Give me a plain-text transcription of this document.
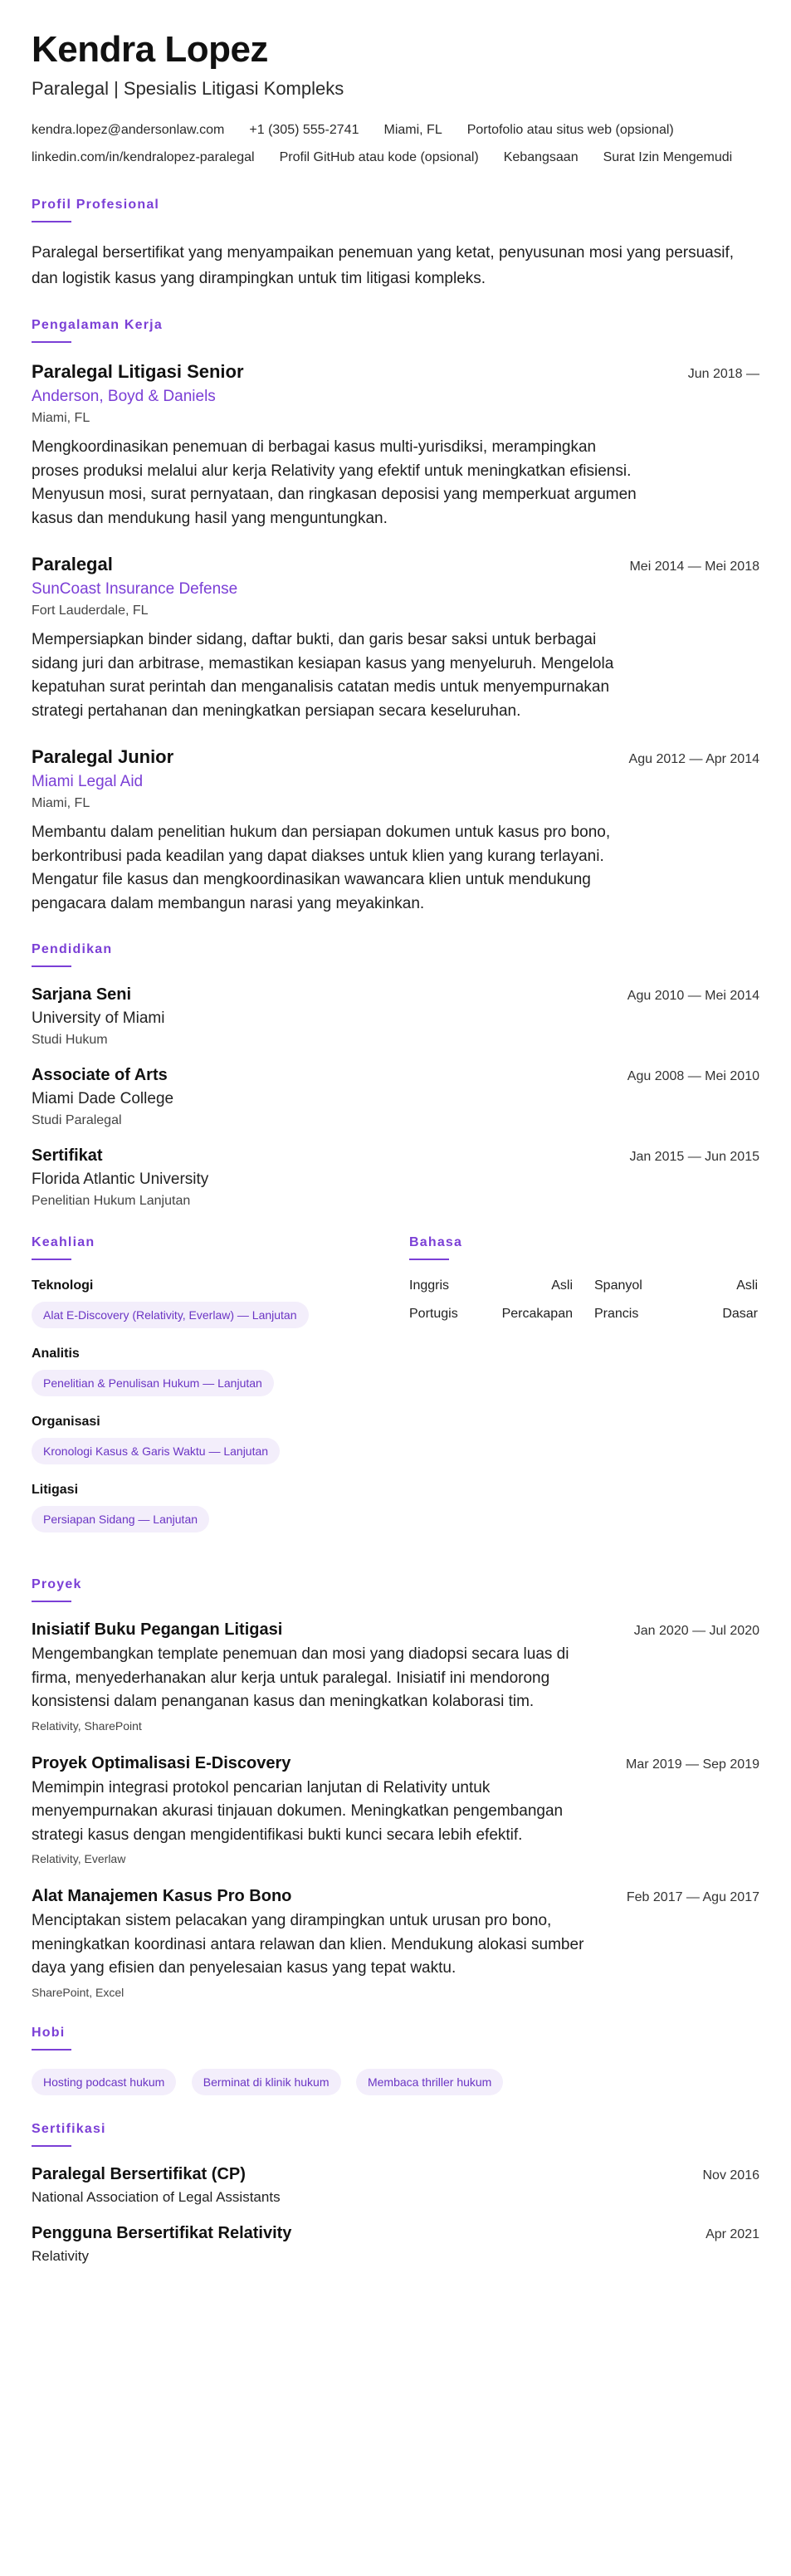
Kendra Lopez
Paralegal | Spesialis Litigasi Kompleks
kendra.lopez@andersonlaw.com +1 (305) 555-2741 Miami, FL Portofolio atau situs web (opsional)
linkedin.com/in/kendralopez-paralegal Profil GitHub atau kode (opsional) Kebangsaan Surat Izin Mengemudi
Profil Profesional

Paralegal bersertifikat yang menyampaikan penemuan yang ketat, penyusunan mosi yang persuasif, dan logistik kasus yang dirampingkan untuk tim litigasi kompleks.

Pengalaman Kerja
Paralegal Litigasi Senior	Jun 2018 —
Anderson, Boyd & Daniels
Miami, FL

Mengkoordinasikan penemuan di berbagai kasus multi-yurisdiksi, merampingkan proses produksi melalui alur kerja Relativity yang efektif untuk meningkatkan efisiensi. Menyusun mosi, surat pernyataan, dan ringkasan deposisi yang memperkuat argumen kasus dan mendukung hasil yang menguntungkan.

Paralegal	Mei 2014 — Mei 2018
SunCoast Insurance Defense
Fort Lauderdale, FL

Mempersiapkan binder sidang, daftar bukti, dan garis besar saksi untuk berbagai sidang juri dan arbitrase, memastikan kesiapan kasus yang menyeluruh. Mengelola kepatuhan surat perintah dan menganalisis catatan medis untuk menyempurnakan strategi pertahanan dan meningkatkan persiapan secara keseluruhan.

Paralegal Junior	Agu 2012 — Apr 2014
Miami Legal Aid
Miami, FL

Membantu dalam penelitian hukum dan persiapan dokumen untuk kasus pro bono, berkontribusi pada keadilan yang dapat diakses untuk klien yang kurang terlayani. Mengatur file kasus dan mengkoordinasikan wawancara klien untuk mendukung pengacara dalam membangun narasi yang meyakinkan.

Pendidikan
Sarjana Seni	Agu 2010 — Mei 2014
University of Miami
Studi Hukum
Associate of Arts	Agu 2008 — Mei 2010
Miami Dade College
Studi Paralegal
Sertifikat	Jan 2015 — Jun 2015
Florida Atlantic University
Penelitian Hukum Lanjutan
Keahlian
Teknologi
Alat E-Discovery (Relativity, Everlaw) — Lanjutan
Analitis
Penelitian & Penulisan Hukum — Lanjutan
Organisasi
Kronologi Kasus & Garis Waktu — Lanjutan
Litigasi
Persiapan Sidang — Lanjutan
Bahasa
Inggris	Asli Spanyol	Asli
Portugis	Percakapan Prancis	Dasar
Proyek
Inisiatif Buku Pegangan Litigasi	Jan 2020 — Jul 2020

Mengembangkan template penemuan dan mosi yang diadopsi secara luas di firma, menyederhanakan alur kerja untuk paralegal. Inisiatif ini mendorong konsistensi dalam penanganan kasus dan meningkatkan kolaborasi tim.

Relativity, SharePoint
Proyek Optimalisasi E-Discovery	Mar 2019 — Sep 2019

Memimpin integrasi protokol pencarian lanjutan di Relativity untuk menyempurnakan akurasi tinjauan dokumen. Meningkatkan pengembangan strategi kasus dengan mengidentifikasi bukti kunci secara lebih efektif.

Relativity, Everlaw
Alat Manajemen Kasus Pro Bono	Feb 2017 — Agu 2017

Menciptakan sistem pelacakan yang dirampingkan untuk urusan pro bono, meningkatkan koordinasi antara relawan dan klien. Mendukung alokasi sumber daya yang efisien dan penyelesaian kasus yang tepat waktu.

SharePoint, Excel
Hobi
Hosting podcast hukum	Berminat di klinik hukum	Membaca thriller hukum
Sertifikasi
Paralegal Bersertifikat (CP)	Nov 2016
National Association of Legal Assistants
Pengguna Bersertifikat Relativity	Apr 2021
Relativity
